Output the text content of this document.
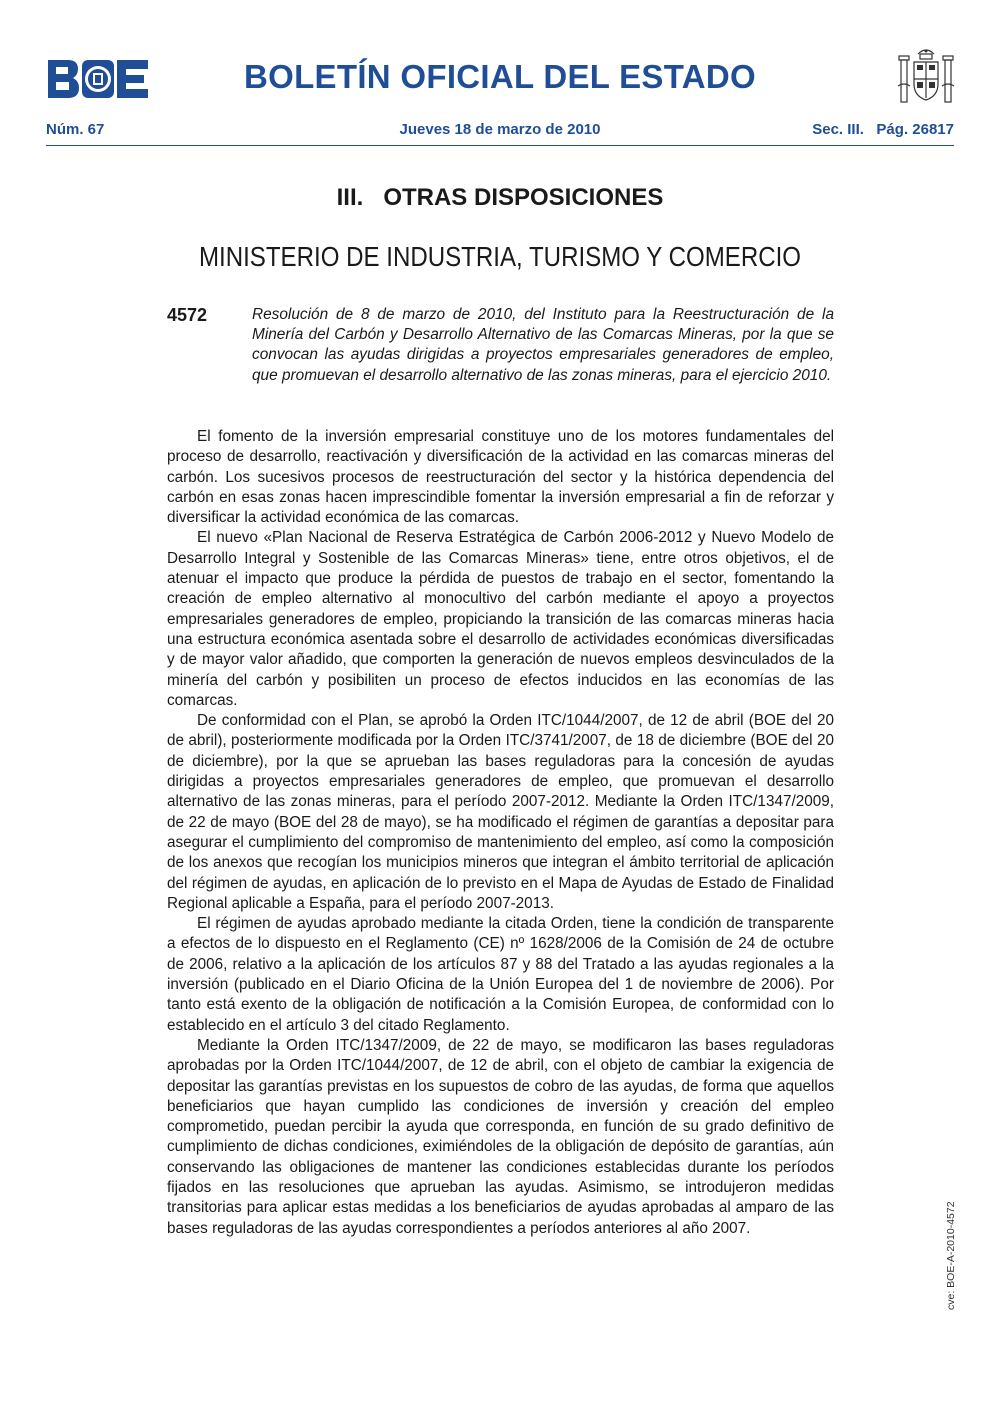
BOLETÍN OFICIAL DEL ESTADO
Jueves 18 de marzo de 2010
Núm. 67	Sec. III.   Pág. 26817
III.   OTRAS DISPOSICIONES
MINISTERIO DE INDUSTRIA, TURISMO Y COMERCIO
4572	Resolución de 8 de marzo de 2010, del Instituto para la Reestructuración de la Minería del Carbón y Desarrollo Alternativo de las Comarcas Mineras, por la que se convocan las ayudas dirigidas a proyectos empresariales generadores de empleo, que promuevan el desarrollo alternativo de las zonas mineras, para el ejercicio 2010.

El fomento de la inversión empresarial constituye uno de los motores fundamentales del proceso de desarrollo, reactivación y diversificación de la actividad en las comarcas mineras del carbón. Los sucesivos procesos de reestructuración del sector y la histórica dependencia del carbón en esas zonas hacen imprescindible fomentar la inversión empresarial a fin de reforzar y diversificar la actividad económica de las comarcas.

El nuevo «Plan Nacional de Reserva Estratégica de Carbón 2006-2012 y Nuevo Modelo de Desarrollo Integral y Sostenible de las Comarcas Mineras» tiene, entre otros objetivos, el de atenuar el impacto que produce la pérdida de puestos de trabajo en el sector, fomentando la creación de empleo alternativo al monocultivo del carbón mediante el apoyo a proyectos empresariales generadores de empleo, propiciando la transición de las comarcas mineras hacia una estructura económica asentada sobre el desarrollo de actividades económicas diversificadas y de mayor valor añadido, que comporten la generación de nuevos empleos desvinculados de la minería del carbón y posibiliten un proceso de efectos inducidos en las economías de las comarcas.

De conformidad con el Plan, se aprobó la Orden ITC/1044/2007, de 12 de abril (BOE del 20 de abril), posteriormente modificada por la Orden ITC/3741/2007, de 18 de diciembre (BOE del 20 de diciembre), por la que se aprueban las bases reguladoras para la concesión de ayudas dirigidas a proyectos empresariales generadores de empleo, que promuevan el desarrollo alternativo de las zonas mineras, para el período 2007-2012. Mediante la Orden ITC/1347/2009, de 22 de mayo (BOE del 28 de mayo), se ha modificado el régimen de garantías a depositar para asegurar el cumplimiento del compromiso de mantenimiento del empleo, así como la composición de los anexos que recogían los municipios mineros que integran el ámbito territorial de aplicación del régimen de ayudas, en aplicación de lo previsto en el Mapa de Ayudas de Estado de Finalidad Regional aplicable a España, para el período 2007-2013.

El régimen de ayudas aprobado mediante la citada Orden, tiene la condición de transparente a efectos de lo dispuesto en el Reglamento (CE) nº 1628/2006 de la Comisión de 24 de octubre de 2006, relativo a la aplicación de los artículos 87 y 88 del Tratado a las ayudas regionales a la inversión (publicado en el Diario Oficina de la Unión Europea del 1 de noviembre de 2006). Por tanto está exento de la obligación de notificación a la Comisión Europea, de conformidad con lo establecido en el artículo 3 del citado Reglamento.

Mediante la Orden ITC/1347/2009, de 22 de mayo, se modificaron las bases reguladoras aprobadas por la Orden ITC/1044/2007, de 12 de abril, con el objeto de cambiar la exigencia de depositar las garantías previstas en los supuestos de cobro de las ayudas, de forma que aquellos beneficiarios que hayan cumplido las condiciones de inversión y creación del empleo comprometido, puedan percibir la ayuda que corresponda, en función de su grado definitivo de cumplimiento de dichas condiciones, eximiéndoles de la obligación de depósito de garantías, aún conservando las obligaciones de mantener las condiciones establecidas durante los períodos fijados en las resoluciones que aprueban las ayudas. Asimismo, se introdujeron medidas transitorias para aplicar estas medidas a los beneficiarios de ayudas aprobadas al amparo de las bases reguladoras de las ayudas correspondientes a períodos anteriores al año 2007.	cve: BOE-A-2010-4572
